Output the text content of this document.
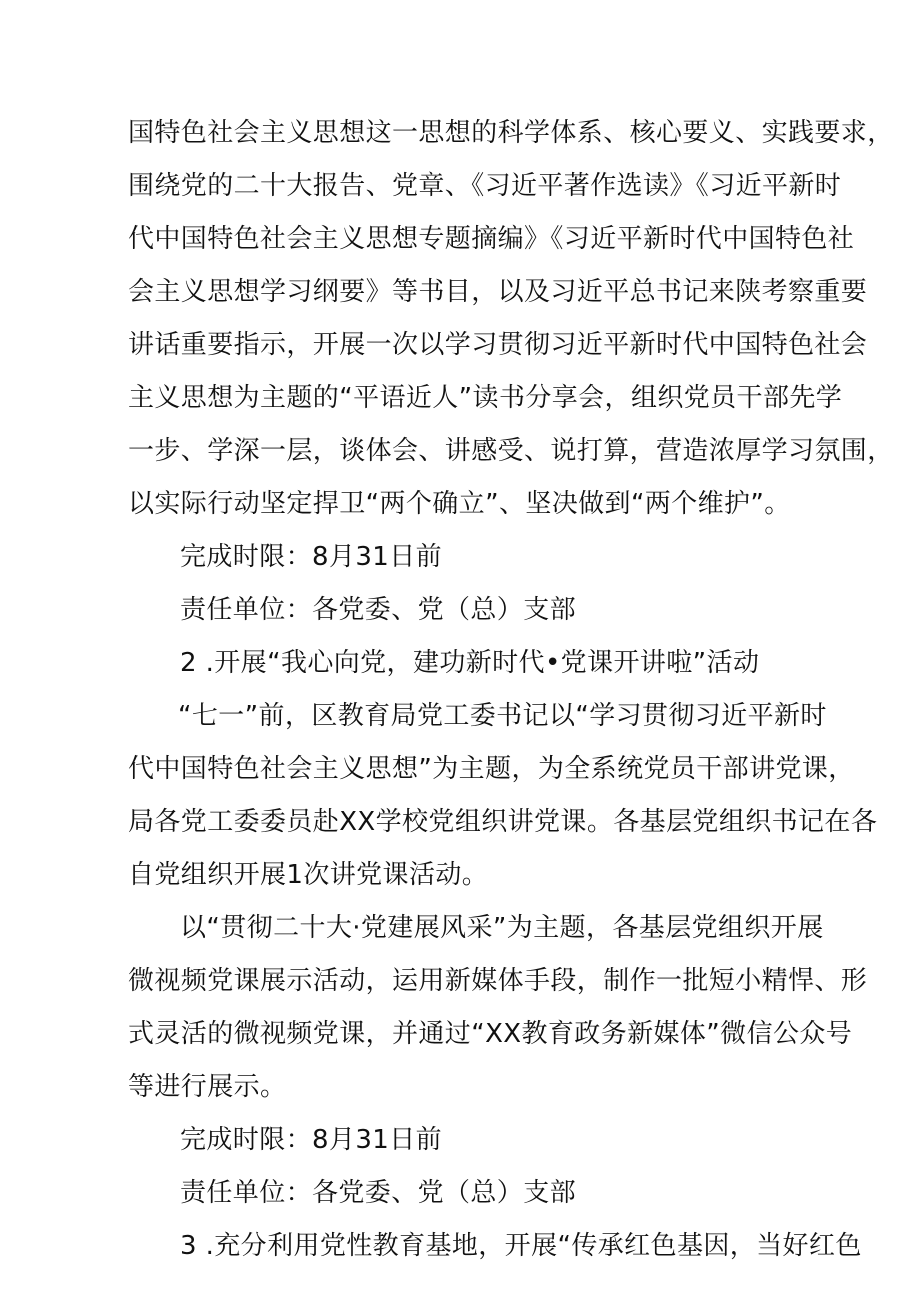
国特色社会主义思想这一思想的科学体系、核心要义、实践要求，
围绕党的二十大报告、党章、《习近平著作选读》《习近平新时
代中国特色社会主义思想专题摘编》《习近平新时代中国特色社
会主义思想学习纲要》等书目，以及习近平总书记来陕考察重要
讲话重要指示，开展一次以学习贯彻习近平新时代中国特色社会
主义思想为主题的“平语近人”读书分享会，组织党员干部先学
一步、学深一层，谈体会、讲感受、说打算，营造浓厚学习氛围，
以实际行动坚定捍卫“两个确立”、坚决做到“两个维护”。
完成时限：8月31日前
责任单位：各党委、党（总）支部
2 .开展“我心向党，建功新时代•党课开讲啦”活动
“七一”前，区教育局党工委书记以“学习贯彻习近平新时
代中国特色社会主义思想”为主题，为全系统党员干部讲党课，
局各党工委委员赴XX学校党组织讲党课。各基层党组织书记在各
自党组织开展1次讲党课活动。
以“贯彻二十大·党建展风采”为主题，各基层党组织开展
微视频党课展示活动，运用新媒体手段，制作一批短小精悍、形
式灵活的微视频党课，并通过“XX教育政务新媒体”微信公众号
等进行展示。
完成时限：8月31日前
责任单位：各党委、党（总）支部
3 .充分利用党性教育基地，开展“传承红色基因，当好红色
